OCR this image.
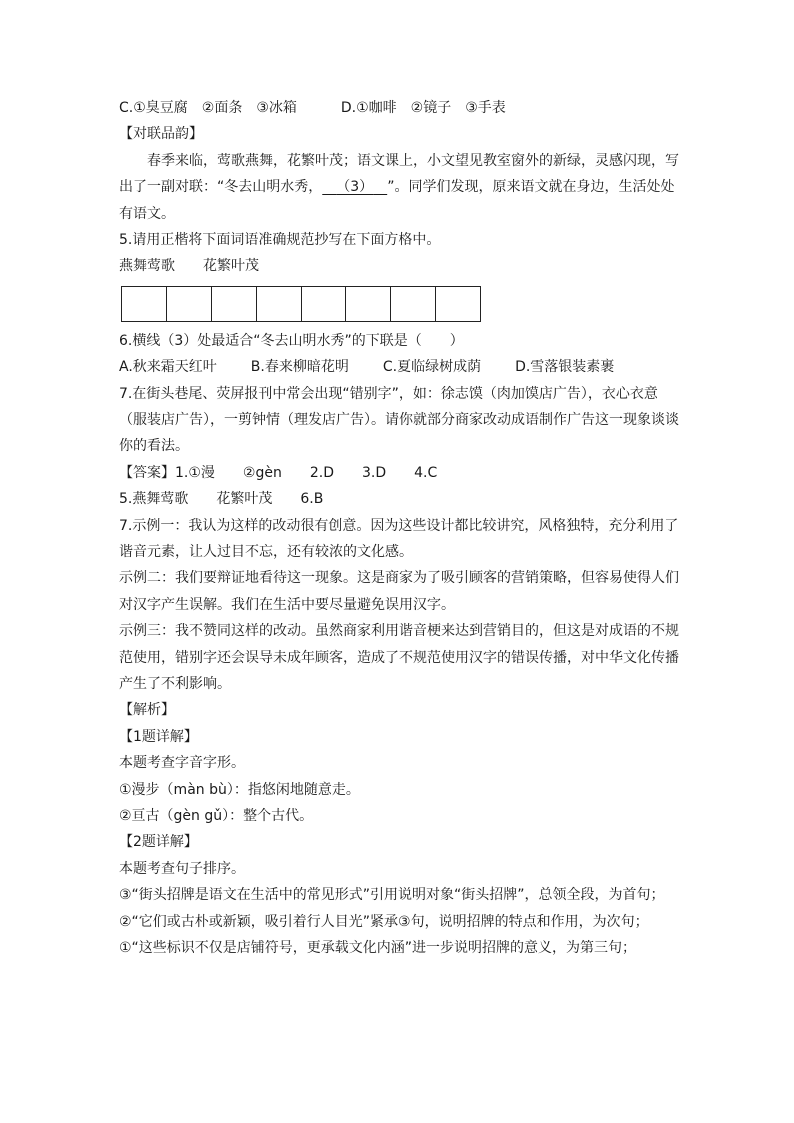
C.①臭豆腐　②面条　③冰箱	D.①咖啡　②镜子　③手表
【对联品韵】
春季来临，莺歌燕舞，花繁叶茂；语文课上，小文望见教室窗外的新绿，灵感闪现，写出了一副对联：“冬去山明水秀，  （3）  ”。同学们发现，原来语文就在身边，生活处处有语文。
5.请用正楷将下面词语准确规范抄写在下面方格中。
燕舞莺歌 花繁叶茂
6.横线（3）处最适合“冬去山明水秀”的下联是（　　）
A.秋来霜天红叶 B.春来柳暗花明 C.夏临绿树成荫 D.雪落银装素裹
7.在街头巷尾、荧屏报刊中常会出现“错别字”，如：徐志馍（肉加馍店广告），衣心衣意（服装店广告），一剪钟情（理发店广告）。请你就部分商家改动成语制作广告这一现象谈谈你的看法。
【答案】1.①漫 ②gèn 2.D 3.D 4.C
5.燕舞莺歌 花繁叶茂 6.B
7.示例一：我认为这样的改动很有创意。因为这些设计都比较讲究，风格独特，充分利用了谐音元素，让人过目不忘，还有较浓的文化感。
示例二：我们要辩证地看待这一现象。这是商家为了吸引顾客的营销策略，但容易使得人们对汉字产生误解。我们在生活中要尽量避免误用汉字。
示例三：我不赞同这样的改动。虽然商家利用谐音梗来达到营销目的，但这是对成语的不规范使用，错别字还会误导未成年顾客，造成了不规范使用汉字的错误传播，对中华文化传播产生了不利影响。
【解析】
【1题详解】
本题考查字音字形。
①漫步（màn bù）：指悠闲地随意走。
②亘古（gèn gǔ）：整个古代。
【2题详解】
本题考查句子排序。
③“街头招牌是语文在生活中的常见形式”引用说明对象“街头招牌”，总领全段，为首句；
②“它们或古朴或新颖，吸引着行人目光”紧承③句，说明招牌的特点和作用，为次句；
①“这些标识不仅是店铺符号，更承载文化内涵”进一步说明招牌的意义，为第三句；
